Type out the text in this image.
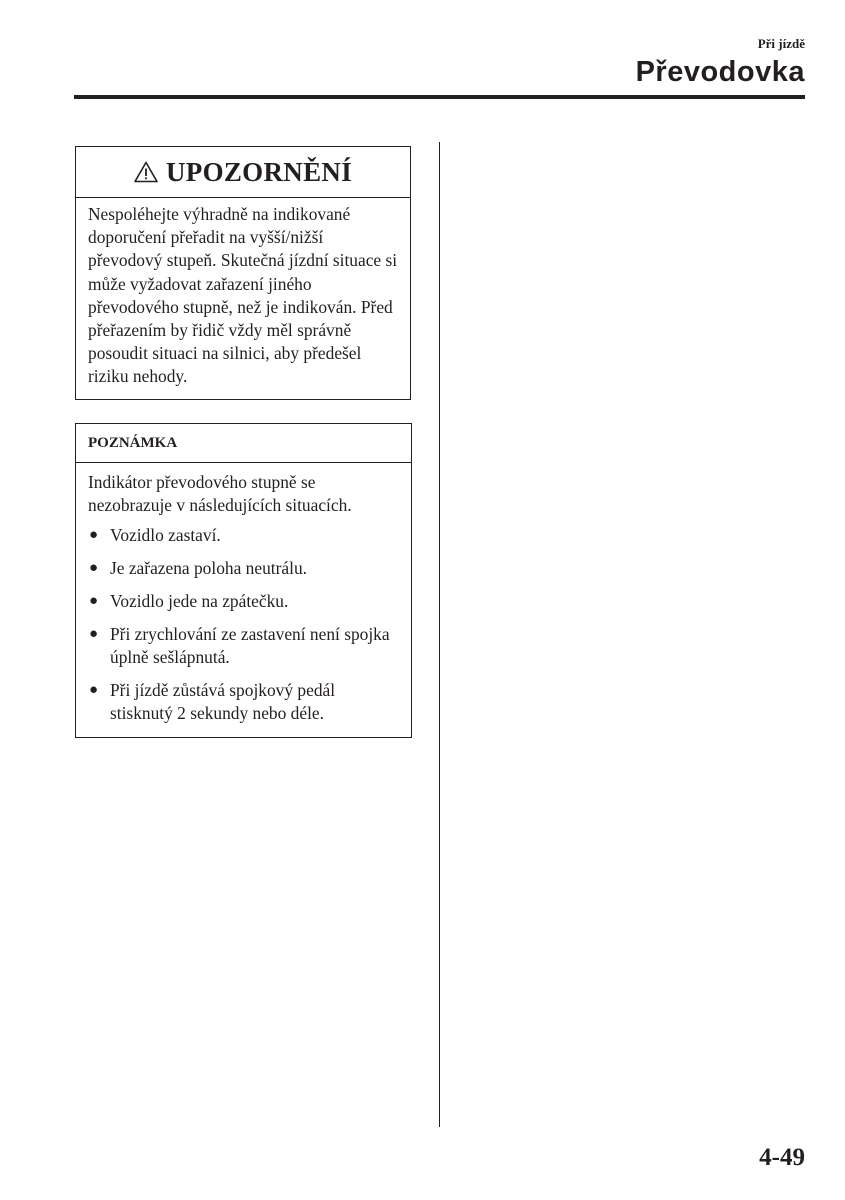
Při jízdě
Převodovka
UPOZORNĚNÍ
Nespoléhejte výhradně na indikované doporučení přeřadit na vyšší/nižší převodový stupeň. Skutečná jízdní situace si může vyžadovat zařazení jiného převodového stupně, než je indikován. Před přeřazením by řidič vždy měl správně posoudit situaci na silnici, aby předešel riziku nehody.
POZNÁMKA

Indikátor převodového stupně se nezobrazuje v následujících situacích.

● Vozidlo zastaví.
● Je zařazena poloha neutrálu.
● Vozidlo jede na zpátečku.
● Při zrychlování ze zastavení není spojka úplně sešlápnutá.
● Při jízdě zůstává spojkový pedál stisknutý 2 sekundy nebo déle.
4-49
